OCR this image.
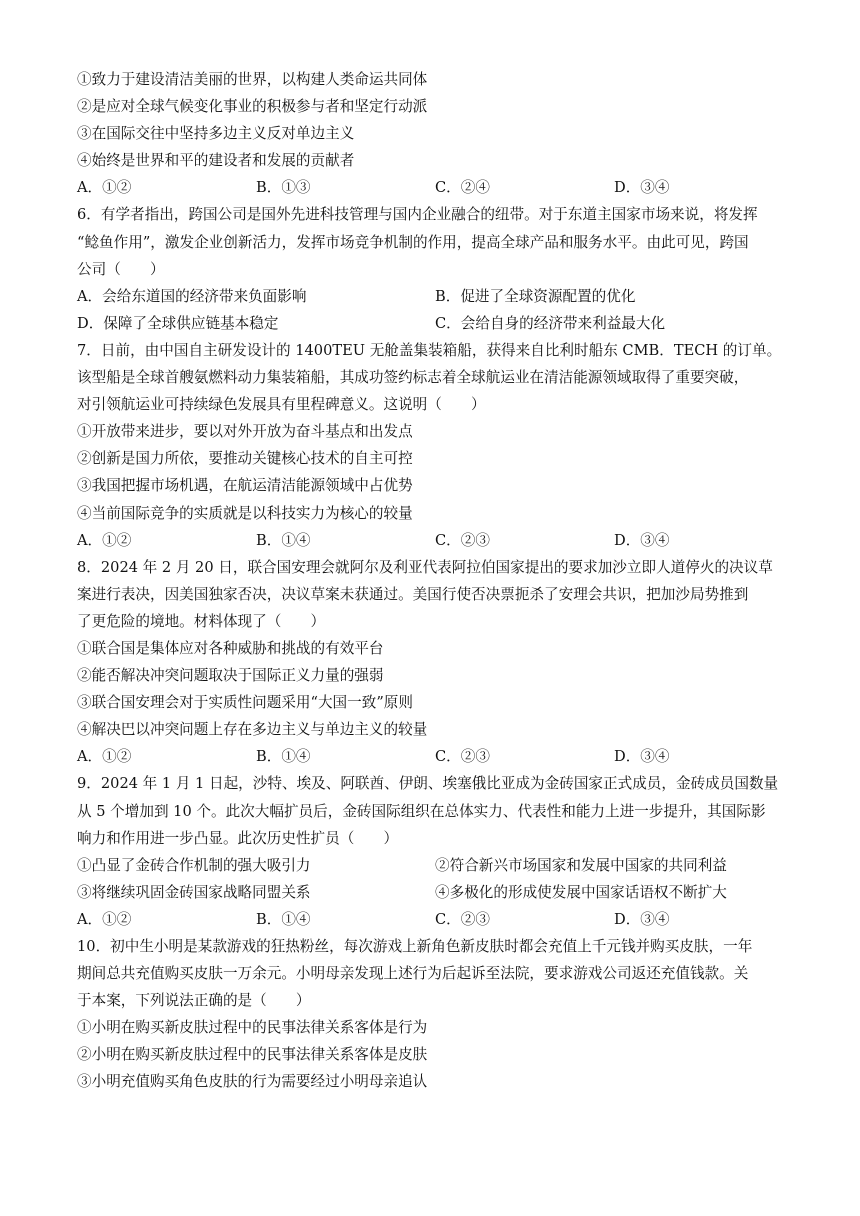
①致力于建设清洁美丽的世界，以构建人类命运共同体
②是应对全球气候变化事业的积极参与者和坚定行动派
③在国际交往中坚持多边主义反对单边主义
④始终是世界和平的建设者和发展的贡献者
A．①②	B．①③	C．②④	D．③④
6．有学者指出，跨国公司是国外先进科技管理与国内企业融合的纽带。对于东道主国家市场来说，将发挥
“鲶鱼作用”，激发企业创新活力，发挥市场竞争机制的作用，提高全球产品和服务水平。由此可见，跨国
公司（　　）
A．会给东道国的经济带来负面影响	B．促进了全球资源配置的优化
D．保障了全球供应链基本稳定	C．会给自身的经济带来利益最大化
7．日前，由中国自主研发设计的 1400TEU 无舱盖集装箱船，获得来自比利时船东 CMB．TECH 的订单。
该型船是全球首艘氨燃料动力集装箱船，其成功签约标志着全球航运业在清洁能源领域取得了重要突破，
对引领航运业可持续绿色发展具有里程碑意义。这说明（　　）
①开放带来进步，要以对外开放为奋斗基点和出发点
②创新是国力所依，要推动关键核心技术的自主可控
③我国把握市场机遇，在航运清洁能源领域中占优势
④当前国际竞争的实质就是以科技实力为核心的较量
A．①②	B．①④	C．②③	D．③④
8．2024 年 2 月 20 日，联合国安理会就阿尔及利亚代表阿拉伯国家提出的要求加沙立即人道停火的决议草
案进行表决，因美国独家否决，决议草案未获通过。美国行使否决票扼杀了安理会共识，把加沙局势推到
了更危险的境地。材料体现了（　　）
①联合国是集体应对各种威胁和挑战的有效平台
②能否解决冲突问题取决于国际正义力量的强弱
③联合国安理会对于实质性问题采用“大国一致”原则
④解决巴以冲突问题上存在多边主义与单边主义的较量
A．①②	B．①④	C．②③	D．③④
9．2024 年 1 月 1 日起，沙特、埃及、阿联酋、伊朗、埃塞俄比亚成为金砖国家正式成员，金砖成员国数量
从 5 个增加到 10 个。此次大幅扩员后，金砖国际组织在总体实力、代表性和能力上进一步提升，其国际影
响力和作用进一步凸显。此次历史性扩员（　　）
①凸显了金砖合作机制的强大吸引力	②符合新兴市场国家和发展中国家的共同利益
③将继续巩固金砖国家战略同盟关系	④多极化的形成使发展中国家话语权不断扩大
A．①②	B．①④	C．②③	D．③④
10．初中生小明是某款游戏的狂热粉丝，每次游戏上新角色新皮肤时都会充值上千元钱并购买皮肤，一年
期间总共充值购买皮肤一万余元。小明母亲发现上述行为后起诉至法院，要求游戏公司返还充值钱款。关
于本案，下列说法正确的是（　　）
①小明在购买新皮肤过程中的民事法律关系客体是行为
②小明在购买新皮肤过程中的民事法律关系客体是皮肤
③小明充值购买角色皮肤的行为需要经过小明母亲追认
